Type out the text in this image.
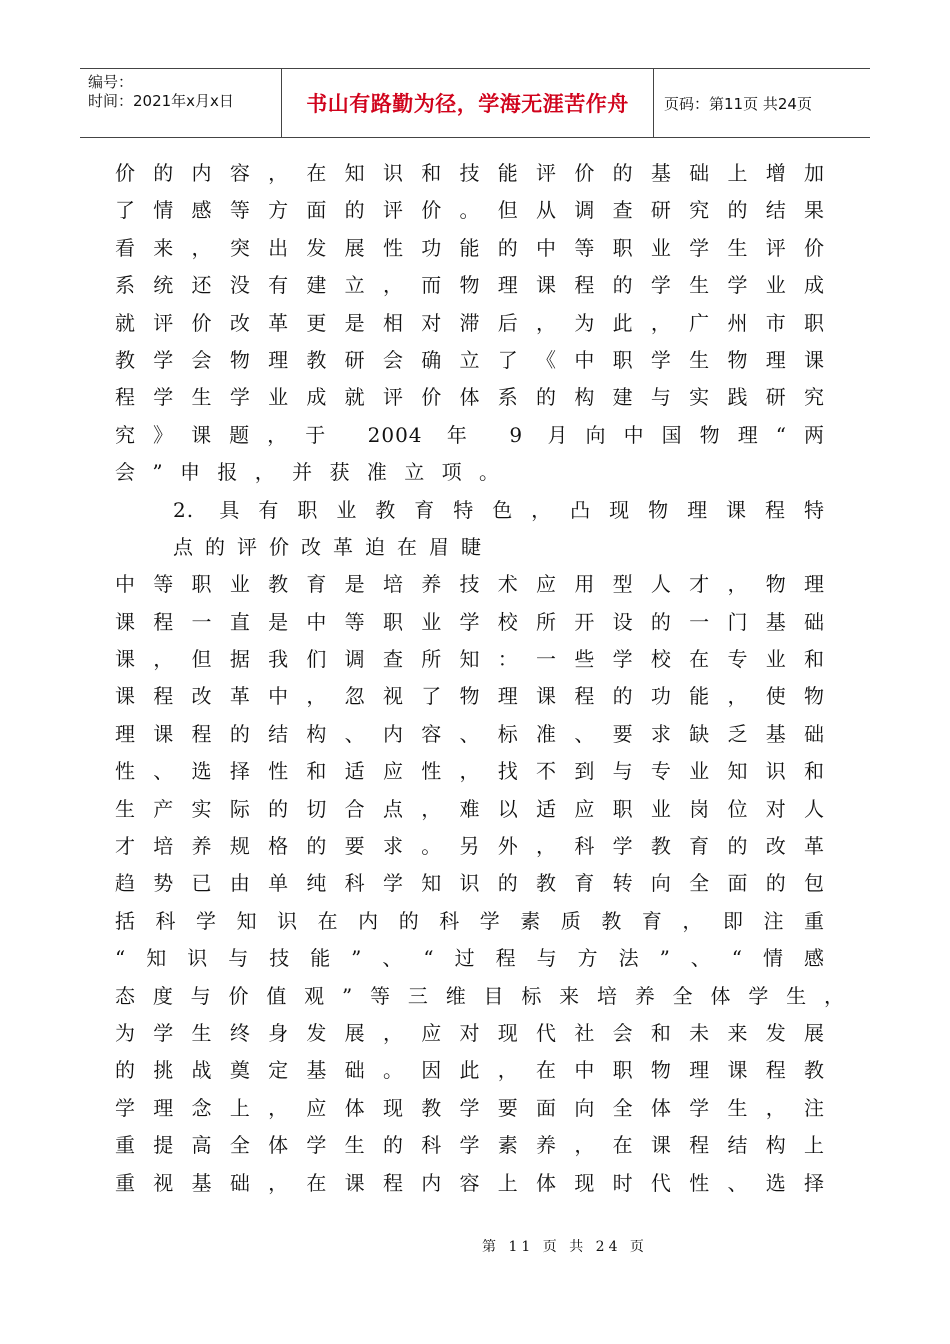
编号：
时间：2021年x月x日	书山有路勤为径，学海无涯苦作舟	页码：第11页 共24页
价的内容，在知识和技能评价的基础上增加
了情感等方面的评价。但从调查研究的结果
看来，突出发展性功能的中等职业学生评价
系统还没有建立，而物理课程的学生学业成
就评价改革更是相对滞后，为此，广州市职
教学会物理教研会确立了《中职学生物理课
程学生学业成就评价体系的构建与实践研究
究》课题，于 2004 年 9 月向中国物理“两
会”申报，并获准立项。
2. 具有职业教育特色，凸现物理课程特
点的评价改革迫在眉睫
中等职业教育是培养技术应用型人才，物理
课程一直是中等职业学校所开设的一门基础
课，但据我们调查所知：一些学校在专业和
课程改革中，忽视了物理课程的功能，使物
理课程的结构、内容、标准、要求缺乏基础
性、选择性和适应性，找不到与专业知识和
生产实际的切合点，难以适应职业岗位对人
才培养规格的要求。另外，科学教育的改革
趋势已由单纯科学知识的教育转向全面的包
括科学知识在内的科学素质教育，即注重
“知识与技能”、“过程与方法”、“情感
态度与价值观”等三维目标来培养全体学生，
为学生终身发展，应对现代社会和未来发展
的挑战奠定基础。因此，在中职物理课程教
学理念上，应体现教学要面向全体学生，注
重提高全体学生的科学素养，在课程结构上
重视基础，在课程内容上体现时代性、选择
第 11 页 共 24 页
